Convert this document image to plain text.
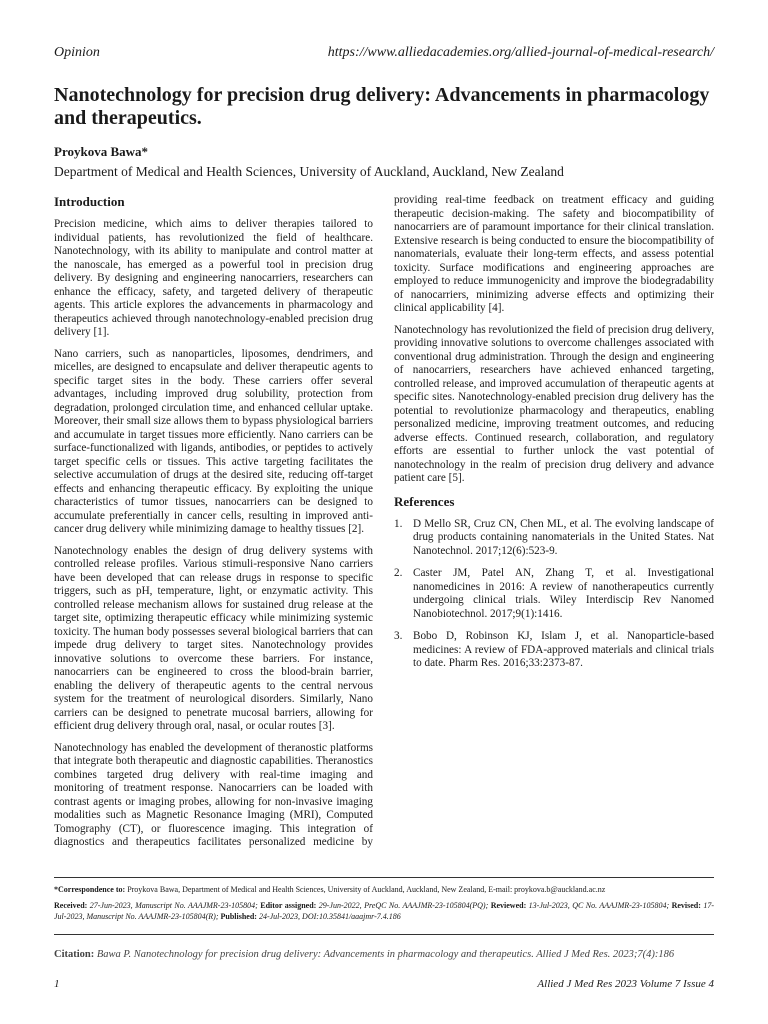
Opinion	https://www.alliedacademies.org/allied-journal-of-medical-research/
Nanotechnology for precision drug delivery: Advancements in pharmacology and therapeutics.
Proykova Bawa*
Department of Medical and Health Sciences, University of Auckland, Auckland, New Zealand
Introduction

Precision medicine, which aims to deliver therapies tailored to individual patients, has revolutionized the field of healthcare. Nanotechnology, with its ability to manipulate and control matter at the nanoscale, has emerged as a powerful tool in precision drug delivery. By designing and engineering nanocarriers, researchers can enhance the efficacy, safety, and targeted delivery of therapeutic agents. This article explores the advancements in pharmacology and therapeutics achieved through nanotechnology-enabled precision drug delivery [1].

Nano carriers, such as nanoparticles, liposomes, dendrimers, and micelles, are designed to encapsulate and deliver therapeutic agents to specific target sites in the body. These carriers offer several advantages, including improved drug solubility, protection from degradation, prolonged circulation time, and enhanced cellular uptake. Moreover, their small size allows them to bypass physiological barriers and accumulate in target tissues more efficiently. Nano carriers can be surface-functionalized with ligands, antibodies, or peptides to actively target specific cells or tissues. This active targeting facilitates the selective accumulation of drugs at the desired site, reducing off-target effects and enhancing therapeutic efficacy. By exploiting the unique characteristics of tumor tissues, nanocarriers can be designed to accumulate preferentially in cancer cells, resulting in improved anti-cancer drug delivery while minimizing damage to healthy tissues [2].

Nanotechnology enables the design of drug delivery systems with controlled release profiles. Various stimuli-responsive Nano carriers have been developed that can release drugs in response to specific triggers, such as pH, temperature, light, or enzymatic activity. This controlled release mechanism allows for sustained drug release at the target site, optimizing therapeutic efficacy while minimizing systemic toxicity. The human body possesses several biological barriers that can impede drug delivery to target sites. Nanotechnology provides innovative solutions to overcome these barriers. For instance, nanocarriers can be engineered to cross the blood-brain barrier, enabling the delivery of therapeutic agents to the central nervous system for the treatment of neurological disorders. Similarly, Nano carriers can be designed to penetrate mucosal barriers, allowing for efficient drug delivery through oral, nasal, or ocular routes [3].

Nanotechnology has enabled the development of theranostic platforms that integrate both therapeutic and diagnostic capabilities. Theranostics combines targeted drug delivery with real-time imaging and monitoring of treatment response. Nanocarriers can be loaded with contrast agents or imaging probes, allowing for non-invasive imaging modalities such as Magnetic Resonance Imaging (MRI), Computed Tomography (CT), or fluorescence imaging. This integration of diagnostics and therapeutics facilitates personalized medicine by

providing real-time feedback on treatment efficacy and guiding therapeutic decision-making. The safety and biocompatibility of nanocarriers are of paramount importance for their clinical translation. Extensive research is being conducted to ensure the biocompatibility of nanomaterials, evaluate their long-term effects, and assess potential toxicity. Surface modifications and engineering approaches are employed to reduce immunogenicity and improve the biodegradability of nanocarriers, minimizing adverse effects and optimizing their clinical applicability [4].

Nanotechnology has revolutionized the field of precision drug delivery, providing innovative solutions to overcome challenges associated with conventional drug administration. Through the design and engineering of nanocarriers, researchers have achieved enhanced targeting, controlled release, and improved accumulation of therapeutic agents at specific sites. Nanotechnology-enabled precision drug delivery has the potential to revolutionize pharmacology and therapeutics, enabling personalized medicine, improving treatment outcomes, and reducing adverse effects. Continued research, collaboration, and regulatory efforts are essential to further unlock the vast potential of nanotechnology in the realm of precision drug delivery and advance patient care [5].

References
1. D Mello SR, Cruz CN, Chen ML, et al. The evolving landscape of drug products containing nanomaterials in the United States. Nat Nanotechnol. 2017;12(6):523-9.
2. Caster JM, Patel AN, Zhang T, et al. Investigational nanomedicines in 2016: A review of nanotherapeutics currently undergoing clinical trials. Wiley Interdiscip Rev Nanomed Nanobiotechnol. 2017;9(1):1416.
3. Bobo D, Robinson KJ, Islam J, et al. Nanoparticle-based medicines: A review of FDA-approved materials and clinical trials to date. Pharm Res. 2016;33:2373-87.
*Correspondence to: Proykova Bawa, Department of Medical and Health Sciences, University of Auckland, Auckland, New Zealand, E-mail: proykova.b@auckland.ac.nz
Received: 27-Jun-2023, Manuscript No. AAAJMR-23-105804; Editor assigned: 29-Jun-2022, PreQC No. AAAJMR-23-105804(PQ); Reviewed: 13-Jul-2023, QC No. AAAJMR-23-105804; Revised: 17-Jul-2023, Manuscript No. AAAJMR-23-105804(R); Published: 24-Jul-2023, DOI:10.35841/aaajmr-7.4.186
Citation: Bawa P. Nanotechnology for precision drug delivery: Advancements in pharmacology and therapeutics. Allied J Med Res. 2023;7(4):186
1	Allied J Med Res 2023 Volume 7 Issue 4
